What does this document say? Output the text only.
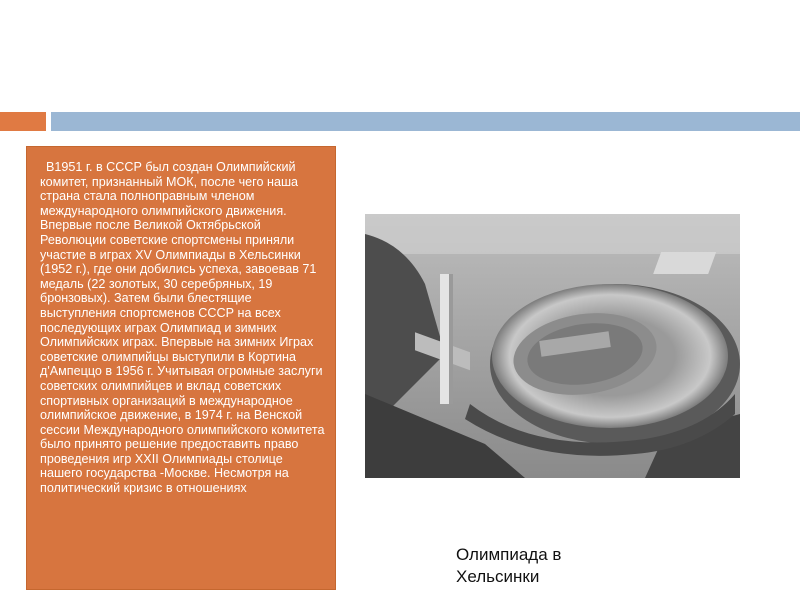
В1951 г. в СССР был создан Олимпийский комитет, признанный МОК, после чего наша страна стала полноправным членом международного олимпийского движения. Впервые после Великой Октябрьской Революции советские спортсмены приняли участие в играх XV Олимпиады в Хельсинки (1952 г.), где они добились успеха, завоевав 71 медаль (22 золотых, 30 серебряных, 19 бронзовых). Затем были блестящие выступления спортсменов СССР на всех последующих играх Олимпиад и зимних Олимпийских играх. Впервые на зимних Играх советские олимпийцы выступили в Кортина д'Ампеццо в 1956 г. Учитывая огромные заслуги советских олимпийцев и вклад советских спортивных организаций в международное олимпийское движение, в 1974 г. на Венской сессии Международного олимпийского комитета было принято решение предоставить право проведения игр XXII Олимпиады столице нашего государства -Москве. Несмотря на политический кризис в отношениях

Олимпиада в
Хельсинки
